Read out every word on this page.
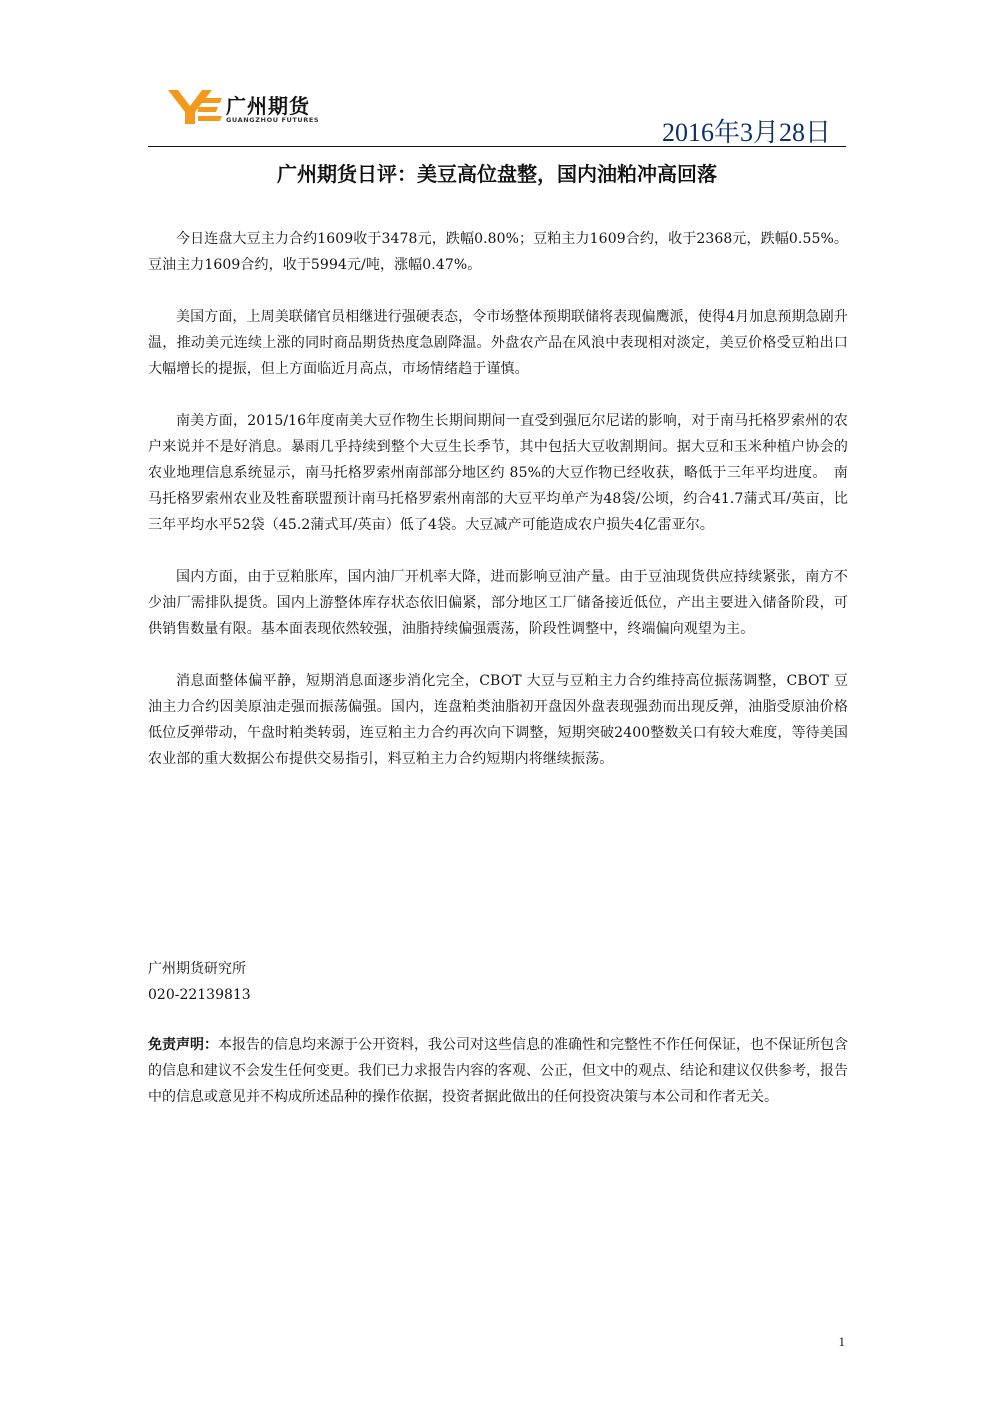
广州期货
GUANGZHOU FUTURES	2016年3月28日
广州期货日评：美豆高位盘整，国内油粕冲高回落

今日连盘大豆主力合约1609收于3478元，跌幅0.80%；豆粕主力1609合约，收于2368元，跌幅0.55%。豆油主力1609合约，收于5994元/吨，涨幅0.47%。

美国方面，上周美联储官员相继进行强硬表态，令市场整体预期联储将表现偏鹰派，使得4月加息预期急剧升温，推动美元连续上涨的同时商品期货热度急剧降温。外盘农产品在风浪中表现相对淡定，美豆价格受豆粕出口大幅增长的提振，但上方面临近月高点，市场情绪趋于谨慎。

南美方面，2015/16年度南美大豆作物生长期间期间一直受到强厄尔尼诺的影响，对于南马托格罗索州的农户来说并不是好消息。暴雨几乎持续到整个大豆生长季节，其中包括大豆收割期间。据大豆和玉米种植户协会的农业地理信息系统显示，南马托格罗索州南部部分地区约 85%的大豆作物已经收获，略低于三年平均进度。　南马托格罗索州农业及牲畜联盟预计南马托格罗索州南部的大豆平均单产为48袋/公顷，约合41.7蒲式耳/英亩，比三年平均水平52袋（45.2蒲式耳/英亩）低了4袋。大豆减产可能造成农户损失4亿雷亚尔。

国内方面，由于豆粕胀库，国内油厂开机率大降，进而影响豆油产量。由于豆油现货供应持续紧张，南方不少油厂需排队提货。国内上游整体库存状态依旧偏紧，部分地区工厂储备接近低位，产出主要进入储备阶段，可供销售数量有限。基本面表现依然较强，油脂持续偏强震荡，阶段性调整中，终端偏向观望为主。

消息面整体偏平静，短期消息面逐步消化完全，CBOT 大豆与豆粕主力合约维持高位振荡调整，CBOT 豆油主力合约因美原油走强而振荡偏强。国内，连盘粕类油脂初开盘因外盘表现强劲而出现反弹，油脂受原油价格低位反弹带动，午盘时粕类转弱，连豆粕主力合约再次向下调整，短期突破2400整数关口有较大难度，等待美国农业部的重大数据公布提供交易指引，料豆粕主力合约短期内将继续振荡。

广州期货研究所
020-22139813
免责声明：本报告的信息均来源于公开资料，我公司对这些信息的准确性和完整性不作任何保证，也不保证所包含的信息和建议不会发生任何变更。我们已力求报告内容的客观、公正，但文中的观点、结论和建议仅供参考，报告中的信息或意见并不构成所述品种的操作依据，投资者据此做出的任何投资决策与本公司和作者无关。
1
